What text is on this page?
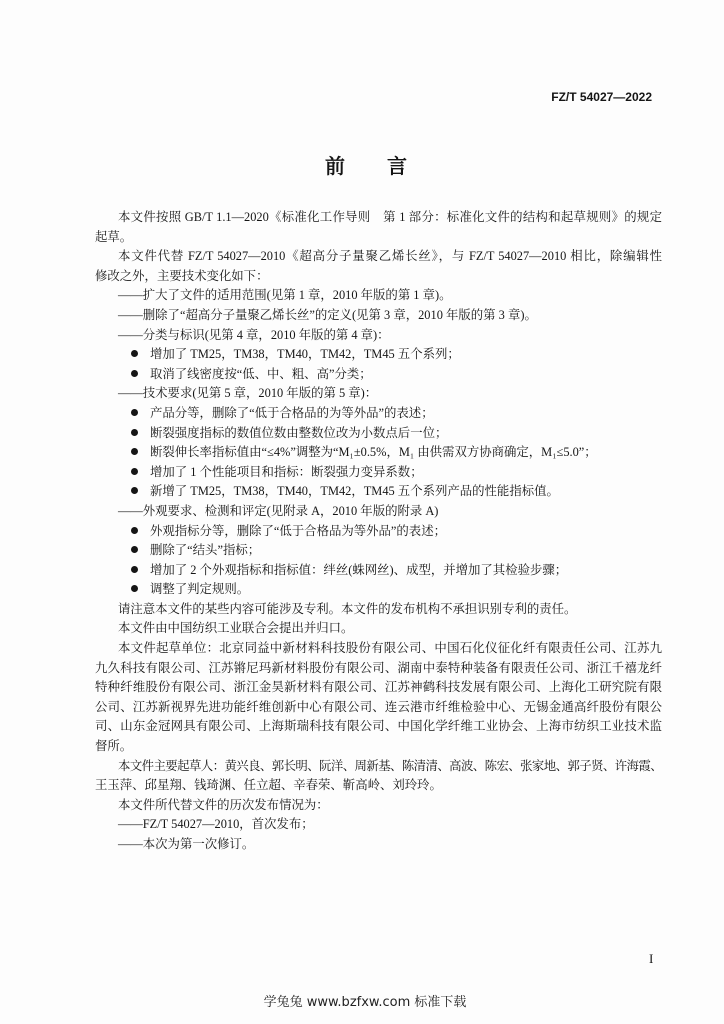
FZ/T 54027—2022
前言
本文件按照 GB/T 1.1—2020《标准化工作导则　第 1 部分：标准化文件的结构和起草规则》的规定
起草。
本文件代替 FZ/T 54027—2010《超高分子量聚乙烯长丝》，与 FZ/T 54027—2010 相比，除编辑性
修改之外，主要技术变化如下：
——扩大了文件的适用范围(见第 1 章，2010 年版的第 1 章)。
——删除了“超高分子量聚乙烯长丝”的定义(见第 3 章，2010 年版的第 3 章)。
——分类与标识(见第 4 章，2010 年版的第 4 章)：
增加了 TM25，TM38，TM40，TM42，TM45 五个系列；
取消了线密度按“低、中、粗、高”分类；
——技术要求(见第 5 章，2010 年版的第 5 章)：
产品分等，删除了“低于合格品的为等外品”的表述；
断裂强度指标的数值位数由整数位改为小数点后一位；
断裂伸长率指标值由“≤4%”调整为“M₁±0.5%，M₁ 由供需双方协商确定，M₁≤5.0”；
增加了 1 个性能项目和指标：断裂强力变异系数；
新增了 TM25，TM38，TM40，TM42，TM45 五个系列产品的性能指标值。
——外观要求、检测和评定(见附录 A，2010 年版的附录 A)
外观指标分等，删除了“低于合格品为等外品”的表述；
删除了“结头”指标；
增加了 2 个外观指标和指标值：绊丝(蛛网丝)、成型，并增加了其检验步骤；
调整了判定规则。
请注意本文件的某些内容可能涉及专利。本文件的发布机构不承担识别专利的责任。
本文件由中国纺织工业联合会提出并归口。
本文件起草单位：北京同益中新材料科技股份有限公司、中国石化仪征化纤有限责任公司、江苏九
九久科技有限公司、江苏锵尼玛新材料股份有限公司、湖南中泰特种装备有限责任公司、浙江千禧龙纤
特种纤维股份有限公司、浙江金昊新材料有限公司、江苏神鹤科技发展有限公司、上海化工研究院有限
公司、江苏新视界先进功能纤维创新中心有限公司、连云港市纤维检验中心、无锡金通高纤股份有限公
司、山东金冠网具有限公司、上海斯瑞科技有限公司、中国化学纤维工业协会、上海市纺织工业技术监
督所。
本文件主要起草人：黄兴良、郭长明、阮洋、周新基、陈清清、高波、陈宏、张家地、郭子贤、许海霞、
王玉萍、邱星翔、钱琦渊、任立超、辛春荣、靳高岭、刘玲玲。
本文件所代替文件的历次发布情况为：
——FZ/T 54027—2010，首次发布；
——本次为第一次修订。
I
学兔兔 www.bzfxw.com 标准下载
